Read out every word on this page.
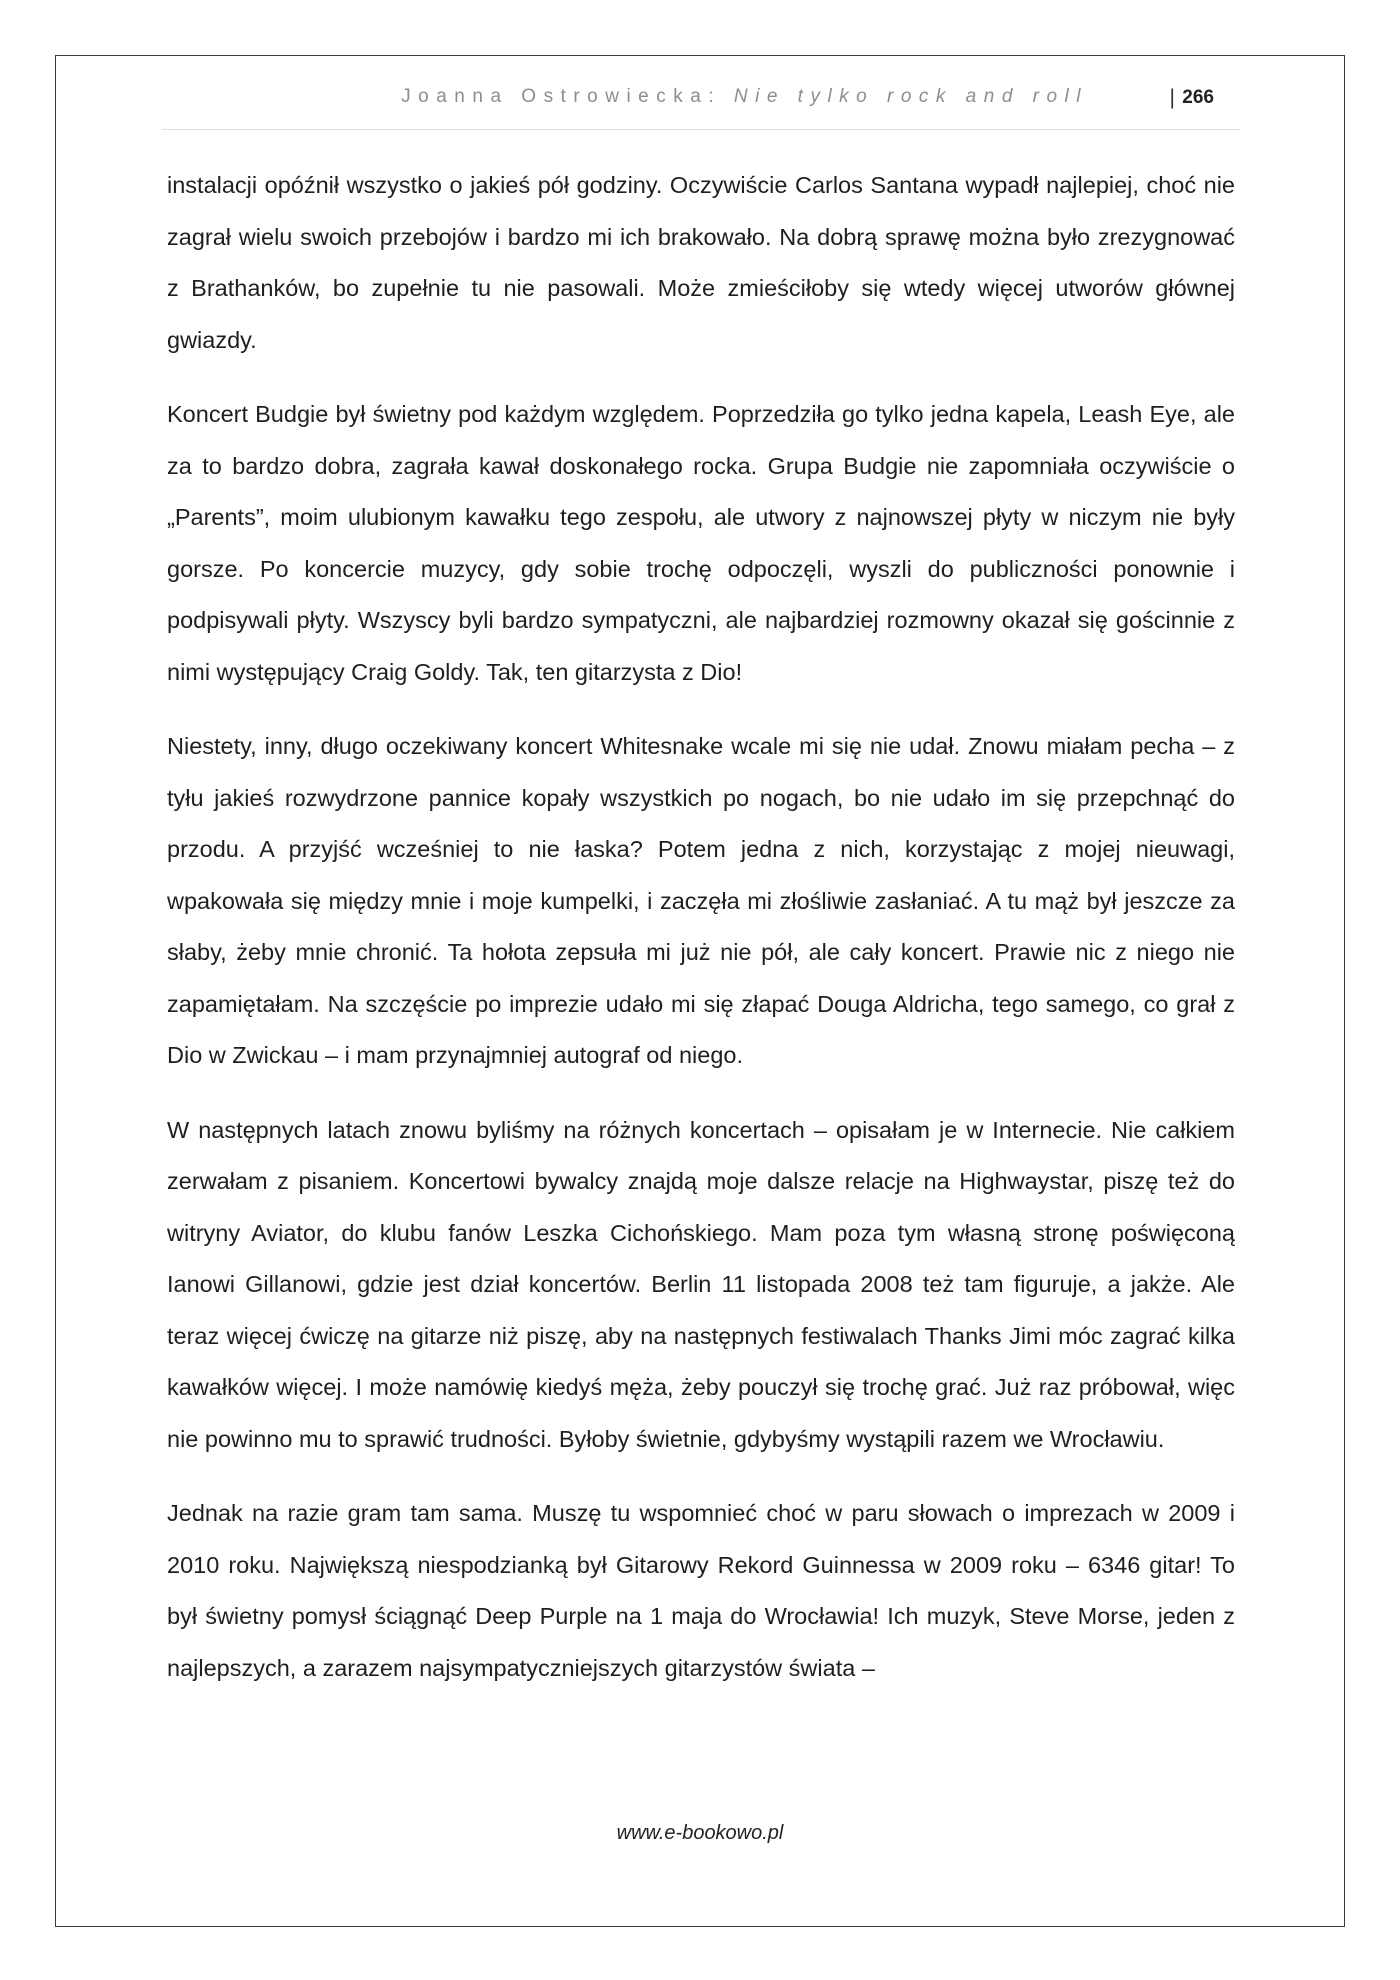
Joanna Ostrowiecka: Nie tylko rock and roll	| 266

instalacji opóźnił wszystko o jakieś pół godziny. Oczywiście Carlos Santana wypadł najlepiej, choć nie zagrał wielu swoich przebojów i bardzo mi ich brakowało. Na dobrą sprawę można było zrezygnować z Brathanków, bo zupełnie tu nie pasowali. Może zmieściłoby się wtedy więcej utworów głównej gwiazdy.

Koncert Budgie był świetny pod każdym względem. Poprzedziła go tylko jedna kapela, Leash Eye, ale za to bardzo dobra, zagrała kawał doskonałego rocka. Grupa Budgie nie zapomniała oczywiście o „Parents”, moim ulubionym kawałku tego zespołu, ale utwory z najnowszej płyty w niczym nie były gorsze. Po koncercie muzycy, gdy sobie trochę odpoczęli, wyszli do publiczności ponownie i podpisywali płyty. Wszyscy byli bardzo sympatyczni, ale najbardziej rozmowny okazał się gościnnie z nimi występujący Craig Goldy. Tak, ten gitarzysta z Dio!

Niestety, inny, długo oczekiwany koncert Whitesnake wcale mi się nie udał. Znowu miałam pecha – z tyłu jakieś rozwydrzone pannice kopały wszystkich po nogach, bo nie udało im się przepchnąć do przodu. A przyjść wcześniej to nie łaska? Potem jedna z nich, korzystając z mojej nieuwagi, wpakowała się między mnie i moje kumpelki, i zaczęła mi złośliwie zasłaniać. A tu mąż był jeszcze za słaby, żeby mnie chronić. Ta hołota zepsuła mi już nie pół, ale cały koncert. Prawie nic z niego nie zapamiętałam. Na szczęście po imprezie udało mi się złapać Douga Aldricha, tego samego, co grał z Dio w Zwickau – i mam przynajmniej autograf od niego.

W następnych latach znowu byliśmy na różnych koncertach – opisałam je w Internecie. Nie całkiem zerwałam z pisaniem. Koncertowi bywalcy znajdą moje dalsze relacje na Highwaystar, piszę też do witryny Aviator, do klubu fanów Leszka Cichońskiego. Mam poza tym własną stronę poświęconą Ianowi Gillanowi, gdzie jest dział koncertów. Berlin 11 listopada 2008 też tam figuruje, a jakże. Ale teraz więcej ćwiczę na gitarze niż piszę, aby na następnych festiwalach Thanks Jimi móc zagrać kilka kawałków więcej. I może namówię kiedyś męża, żeby pouczył się trochę grać. Już raz próbował, więc nie powinno mu to sprawić trudności. Byłoby świetnie, gdybyśmy wystąpili razem we Wrocławiu.

Jednak na razie gram tam sama. Muszę tu wspomnieć choć w paru słowach o imprezach w 2009 i 2010 roku. Największą niespodzianką był Gitarowy Rekord Guinnessa w 2009 roku – 6346 gitar! To był świetny pomysł ściągnąć Deep Purple na 1 maja do Wrocławia! Ich muzyk, Steve Morse, jeden z najlepszych, a zarazem najsympatyczniejszych gitarzystów świata –

www.e-bookowo.pl
